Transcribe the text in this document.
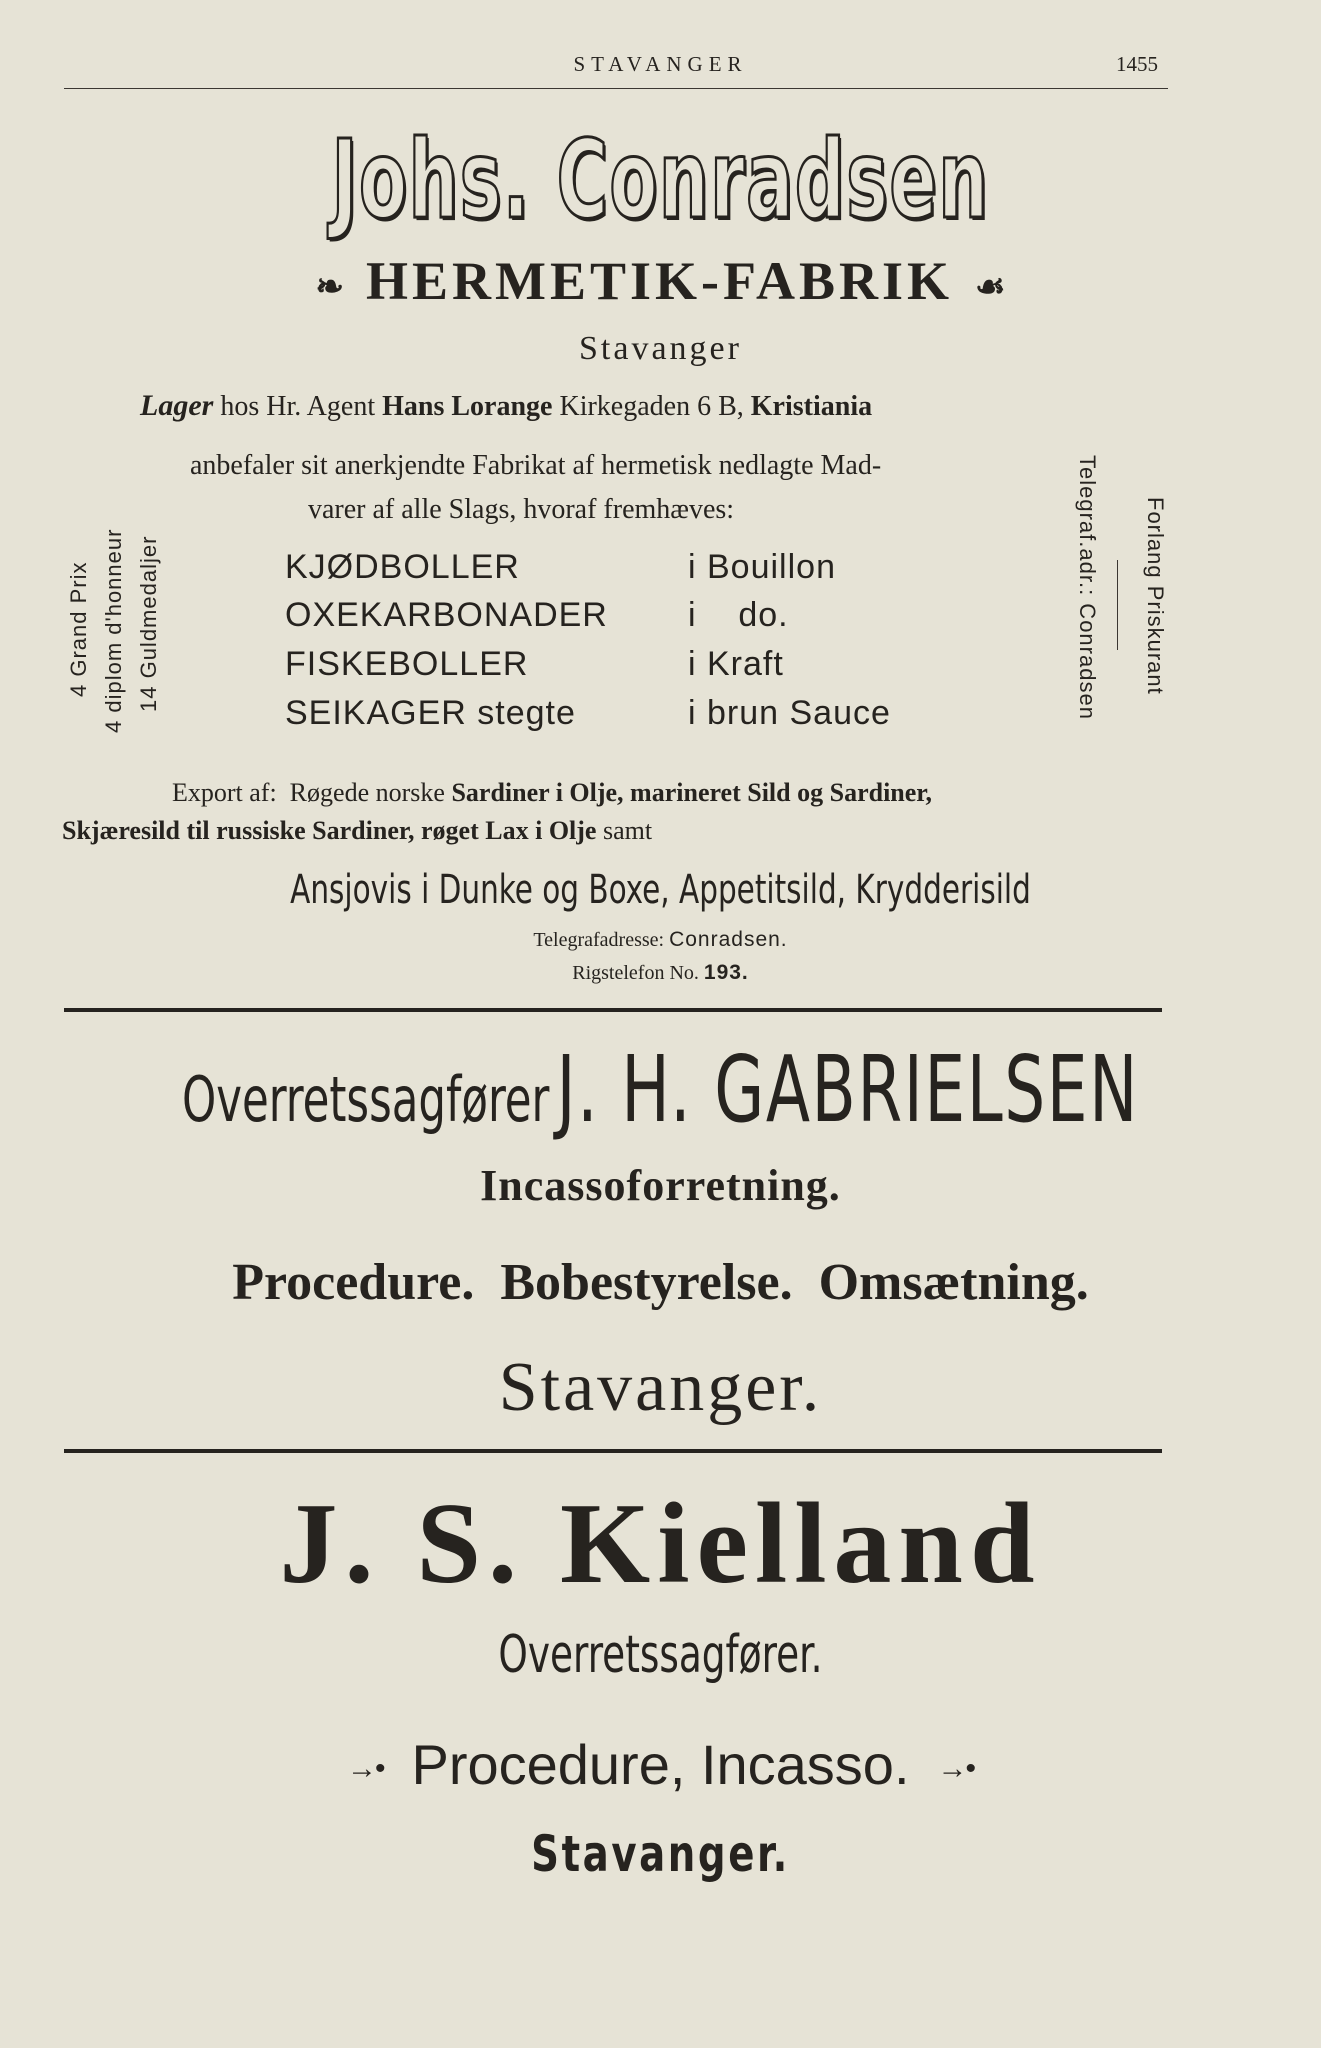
STAVANGER	1455
Johs. Conradsen
❧ HERMETIK-FABRIK ☙
Stavanger
Lager hos Hr. Agent Hans Lorange Kirkegaden 6 B, Kristiania
anbefaler sit anerkjendte Fabrikat af hermetisk nedlagte Mad-
varer af alle Slags, hvoraf fremhæves:
KJØDBOLLER	i Bouillon
OXEKARBONADER i    do.
FISKEBOLLER	i Kraft
SEIKAGER stegte	i brun Sauce
4 Grand Prix 4 diplom d'honneur 14 Guldmedaljer	Telegraf.adr.: Conradsen Forlang Priskurant
Export af:  Røgede norske Sardiner i Olje, marineret Sild og Sardiner,
Skjæresild til russiske Sardiner, røget Lax i Olje samt
Ansjovis i Dunke og Boxe, Appetitsild, Krydderisild
Telegrafadresse: Conradsen.
Rigstelefon No. 193.
Overretssagfører  J. H. GABRIELSEN
Incassoforretning.
Procedure.  Bobestyrelse.  Omsætning.
Stavanger.
J. S. Kielland
Overretssagfører.
→• Procedure, Incasso. →•
Stavanger.
